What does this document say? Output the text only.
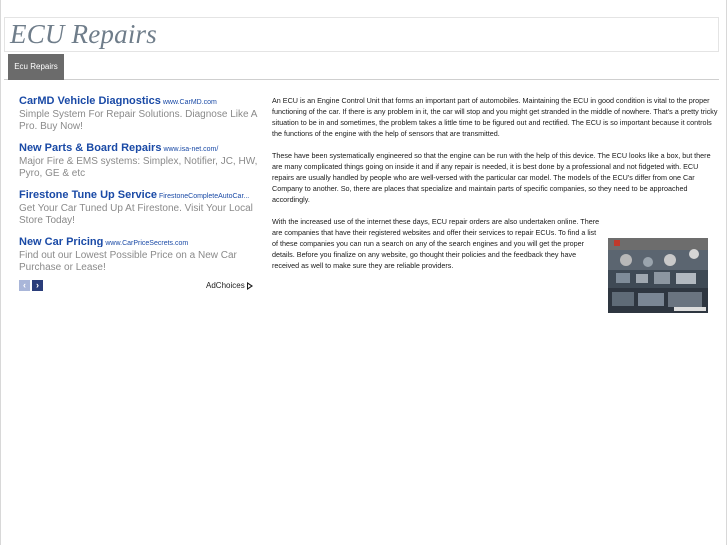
ECU Repairs
Ecu Repairs
CarMD Vehicle Diagnostics www.CarMD.com
Simple System For Repair Solutions. Diagnose Like A Pro. Buy Now!
New Parts & Board Repairs www.isa-net.com/
Major Fire & EMS systems: Simplex, Notifier, JC, HW, Pyro, GE & etc
Firestone Tune Up Service FirestoneCompleteAutoCar...
Get Your Car Tuned Up At Firestone. Visit Your Local Store Today!
New Car Pricing www.CarPriceSecrets.com
Find out our Lowest Possible Price on a New Car Purchase or Lease!
‹	›	AdChoices

An ECU is an Engine Control Unit that forms an important part of automobiles. Maintaining the ECU in good condition is vital to the proper functioning of the car. If there is any problem in it, the car will stop and you might get stranded in the middle of nowhere. That's a pretty tricky situation to be in and sometimes, the problem takes a little time to be figured out and rectified. The ECU is so important because it controls the functions of the engine with the help of sensors that are transmitted.

These have been systematically engineered so that the engine can be run with the help of this device. The ECU looks like a box, but there are many complicated things going on inside it and if any repair is needed, it is best done by a professional and not fidgeted with. ECU repairs are usually handled by people who are well-versed with the particular car model. The models of the ECU's differ from one Car Company to another. So, there are places that specialize and maintain parts of specific companies, so they need to be approached accordingly.

With the increased use of the internet these days, ECU repair orders are also undertaken online. There are companies that have their registered websites and offer their services to repair ECUs. To find a list of these companies you can run a search on any of the search engines and you will get the proper details. Before you finalize on any website, go thought their policies and the feedback they have received as well to make sure they are reliable providers.
